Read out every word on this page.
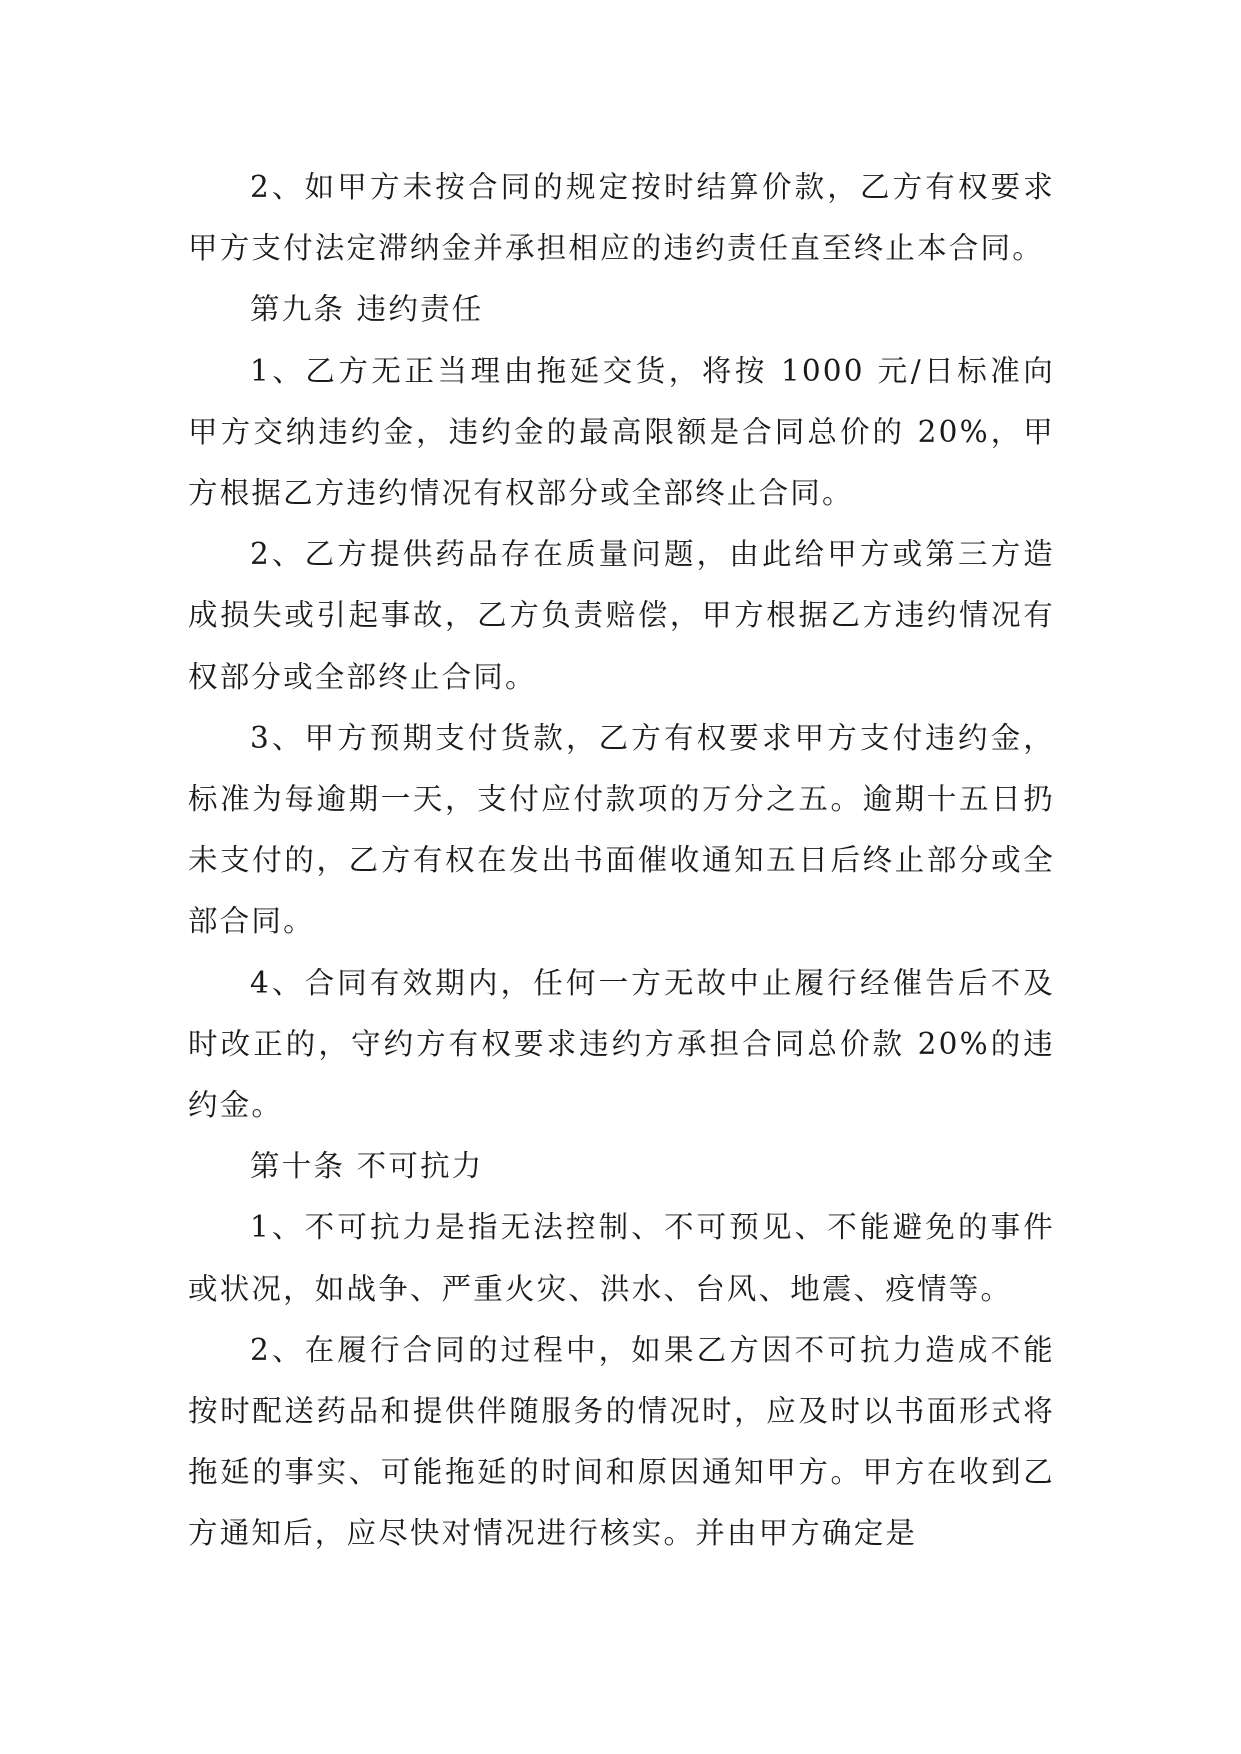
2、如甲方未按合同的规定按时结算价款，乙方有权要求甲方支付法定滞纳金并承担相应的违约责任直至终止本合同。

第九条 违约责任

1、乙方无正当理由拖延交货，将按 1000 元/日标准向甲方交纳违约金，违约金的最高限额是合同总价的 20%，甲方根据乙方违约情况有权部分或全部终止合同。

2、乙方提供药品存在质量问题，由此给甲方或第三方造成损失或引起事故，乙方负责赔偿，甲方根据乙方违约情况有权部分或全部终止合同。

3、甲方预期支付货款，乙方有权要求甲方支付违约金，标准为每逾期一天，支付应付款项的万分之五。逾期十五日扔未支付的，乙方有权在发出书面催收通知五日后终止部分或全部合同。

4、合同有效期内，任何一方无故中止履行经催告后不及时改正的，守约方有权要求违约方承担合同总价款 20%的违约金。

第十条 不可抗力

1、不可抗力是指无法控制、不可预见、不能避免的事件或状况，如战争、严重火灾、洪水、台风、地震、疫情等。

2、在履行合同的过程中，如果乙方因不可抗力造成不能按时配送药品和提供伴随服务的情况时，应及时以书面形式将拖延的事实、可能拖延的时间和原因通知甲方。甲方在收到乙方通知后，应尽快对情况进行核实。并由甲方确定是
